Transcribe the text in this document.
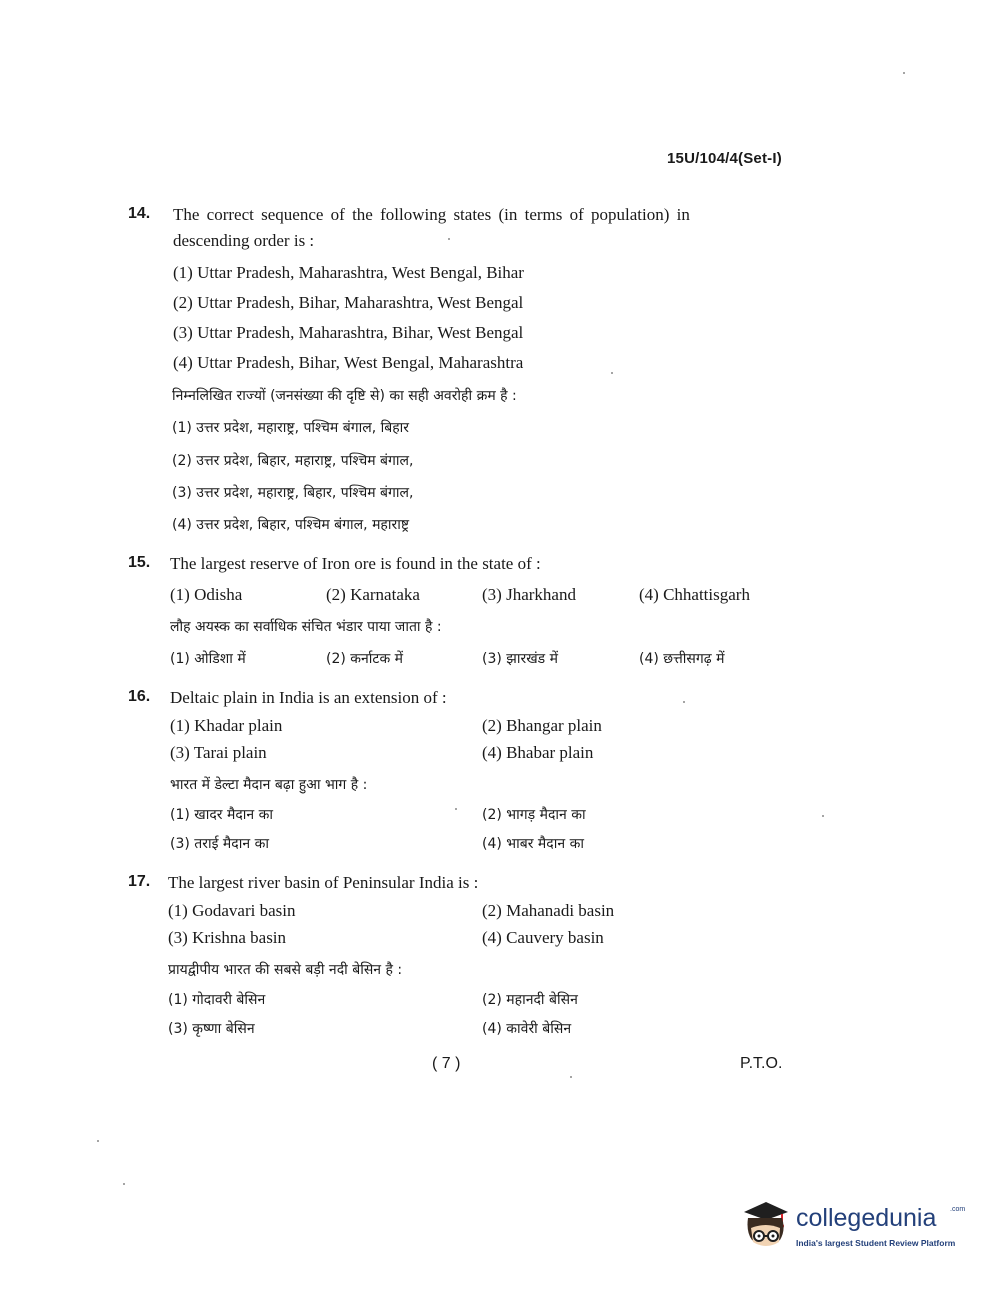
15U/104/4(Set-I)
14. The correct sequence of the following states (in terms of population) in
descending order is :
(1) Uttar Pradesh, Maharashtra, West Bengal, Bihar
(2) Uttar Pradesh, Bihar, Maharashtra, West Bengal
(3) Uttar Pradesh, Maharashtra, Bihar, West Bengal
(4) Uttar Pradesh, Bihar, West Bengal, Maharashtra
निम्नलिखित राज्यों (जनसंख्या की दृष्टि से) का सही अवरोही क्रम है :
(1) उत्तर प्रदेश, महाराष्ट्र, पश्चिम बंगाल, बिहार
(2) उत्तर प्रदेश, बिहार, महाराष्ट्र, पश्चिम बंगाल,
(3) उत्तर प्रदेश, महाराष्ट्र, बिहार, पश्चिम बंगाल,
(4) उत्तर प्रदेश, बिहार, पश्चिम बंगाल, महाराष्ट्र
15. The largest reserve of Iron ore is found in the state of :
(1) Odisha	(2) Karnataka	(3) Jharkhand	(4) Chhattisgarh
लौह अयस्क का सर्वाधिक संचित भंडार पाया जाता है :
(1) ओडिशा में	(2) कर्नाटक में	(3) झारखंड में	(4) छत्तीसगढ़ में
16. Deltaic plain in India is an extension of :
(1) Khadar plain	(2) Bhangar plain
(3) Tarai plain	(4) Bhabar plain
भारत में डेल्टा मैदान बढ़ा हुआ भाग है :
(1) खादर मैदान का	(2) भागड़ मैदान का
(3) तराई मैदान का	(4) भाबर मैदान का
17. The largest river basin of Peninsular India is :
(1) Godavari basin	(2) Mahanadi basin
(3) Krishna basin	(4) Cauvery basin
प्रायद्वीपीय भारत की सबसे बड़ी नदी बेसिन है :
(1) गोदावरी बेसिन	(2) महानदी बेसिन
(3) कृष्णा बेसिन	(4) कावेरी बेसिन
( 7 )	P.T.O.
collegedunia .com
India's largest Student Review Platform
